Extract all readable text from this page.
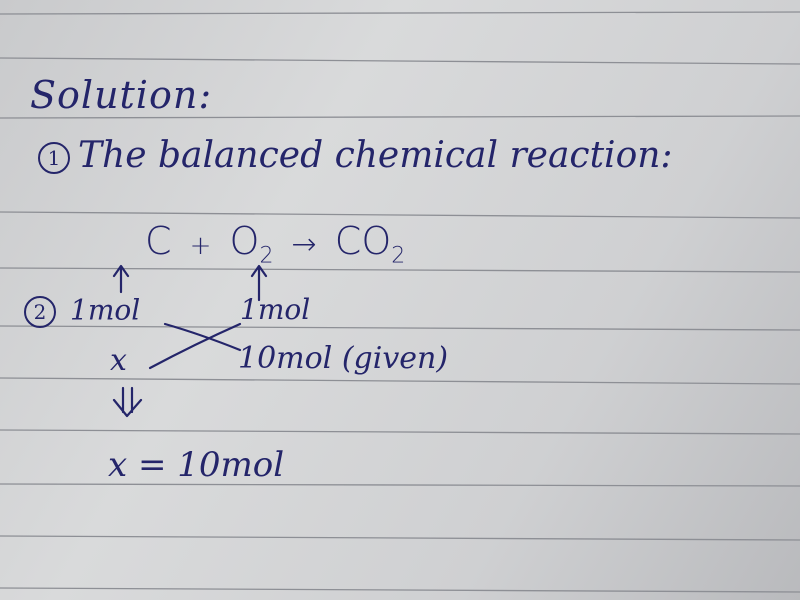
Solution:
1 The balanced chemical reaction:
$C + O_2 \to CO_2$
2 1mol	1mol
x	10mol (given)
x = 10mol
